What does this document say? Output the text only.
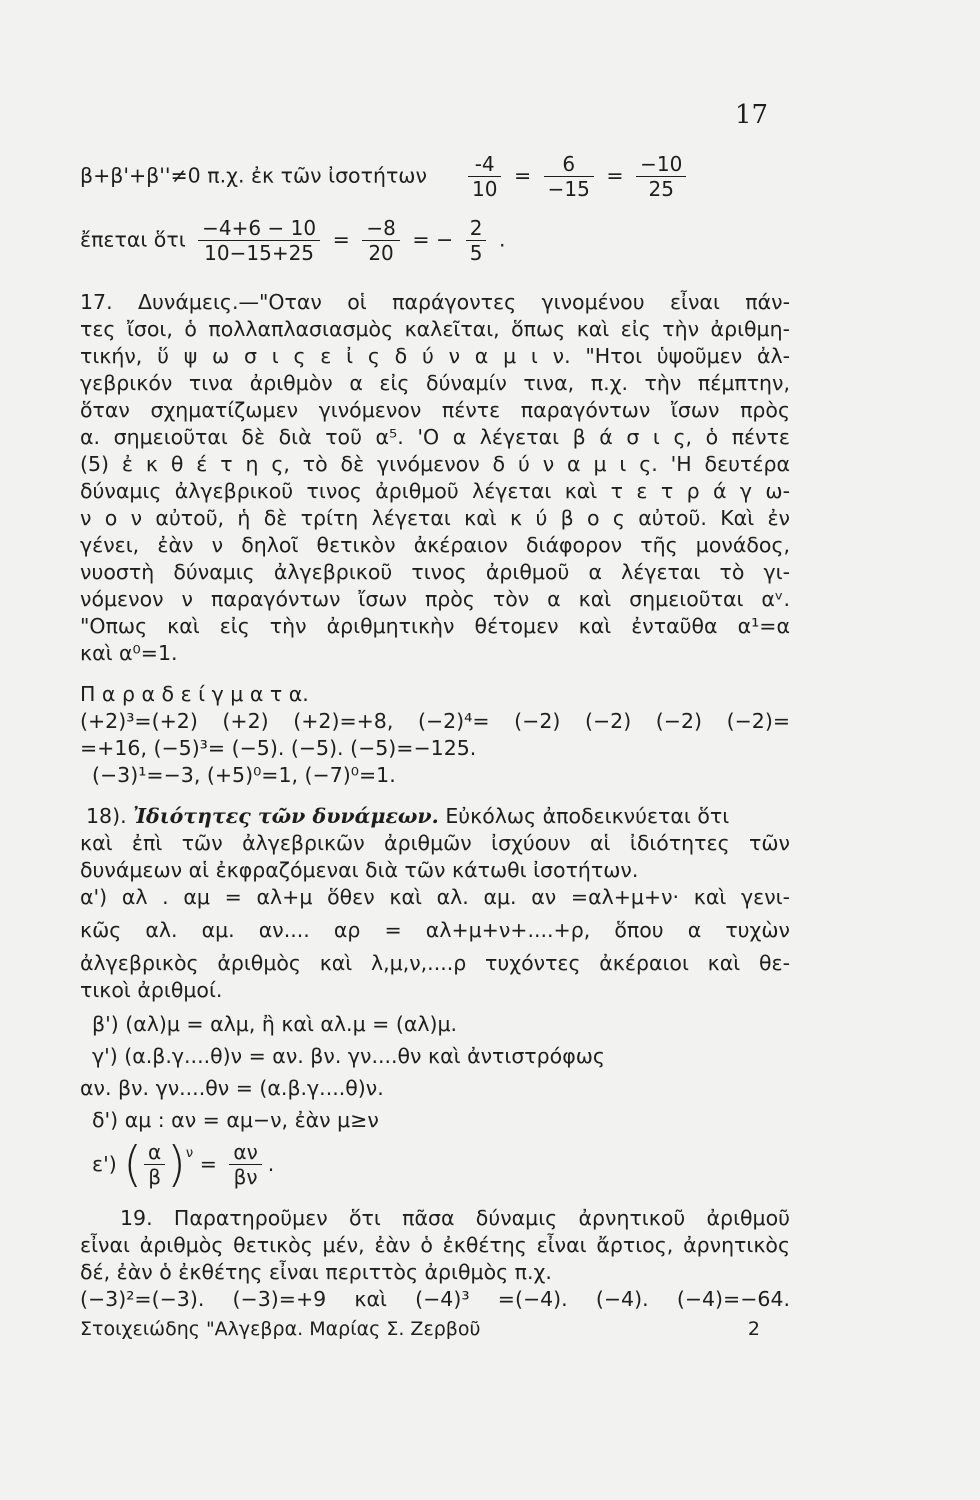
17
β+β'+β''≠0 π.χ. ἐκ τῶν ἰσοτήτων $\frac{-4}{10} = \frac{6}{-15} = \frac{-10}{25}$
ἔπεται ὅτι $\frac{-4+6 - 10}{10-15+25} = \frac{-8}{20}$ = − $\frac{2}{5}$ .
17. Δυνάμεις.—"Οταν οἱ παράγοντες γινομένου εἶναι πάν-
τες ἴσοι, ὁ πολλαπλασιασμὸς καλεῖται, ὅπως καὶ εἰς τὴν ἀριθμη-
τικήν, ὕ ψ ω σ ι ς ε ἰ ς δ ύ ν α μ ι ν. "Ητοι ὑψοῦμεν ἀλ-
γεβρικόν τινα ἀριθμὸν α εἰς δύναμίν τινα, π.χ. τὴν πέμπτην,
ὅταν σχηματίζωμεν γινόμενον πέντε παραγόντων ἴσων πρὸς
α. σημειοῦται δὲ διὰ τοῦ α⁵. 'Ο α λέγεται β ά σ ι ς, ὁ πέντε
(5) ἐ κ θ έ τ η ς, τὸ δὲ γινόμενον δ ύ ν α μ ι ς. 'Η δευτέρα
δύναμις ἀλγεβρικοῦ τινος ἀριθμοῦ λέγεται καὶ τ ε τ ρ ά γ ω-
ν ο ν αὐτοῦ, ἡ δὲ τρίτη λέγεται καὶ κ ύ β ο ς αὐτοῦ. Καὶ ἐν
γένει, ἐὰν ν δηλοῖ θετικὸν ἀκέραιον διάφορον τῆς μονάδος,
νυοστὴ δύναμις ἀλγεβρικοῦ τινος ἀριθμοῦ α λέγεται τὸ γι-
νόμενον ν παραγόντων ἴσων πρὸς τὸν α καὶ σημειοῦται αᵛ.
"Οπως καὶ εἰς τὴν ἀριθμητικὴν θέτομεν καὶ ἐνταῦθα α¹=α
καὶ α⁰=1.
Π α ρ α δ ε ί γ μ α τ α.
(+2)³=(+2) (+2) (+2)=+8, (−2)⁴= (−2) (−2) (−2) (−2)=
=+16, (−5)³= (−5). (−5). (−5)=−125.
(−3)¹=−3, (+5)⁰=1, (−7)⁰=1.
18). Ἰδιότητες τῶν δυνάμεων. Εὐκόλως ἀποδεικνύεται ὅτι
καὶ ἐπὶ τῶν ἀλγεβρικῶν ἀριθμῶν ἰσχύουν αἱ ἰδιότητες τῶν
δυνάμεων αἱ ἐκφραζόμεναι διὰ τῶν κάτωθι ἰσοτήτων.
α') αλ . αμ = αλ+μ ὅθεν καὶ αλ. αμ. αν =αλ+μ+ν· καὶ γενι-
κῶς αλ. αμ. αν.... αρ = αλ+μ+ν+....+ρ, ὅπου α τυχὼν
ἀλγεβρικὸς ἀριθμὸς καὶ λ,μ,ν,....ρ τυχόντες ἀκέραιοι καὶ θε-
τικοὶ ἀριθμοί.
β') (αλ)μ = αλμ, ἢ καὶ αλ.μ = (αλ)μ.
γ') (α.β.γ....θ)ν = αν. βν. γν....θν καὶ ἀντιστρόφως
αν. βν. γν....θν = (α.β.γ....θ)ν.
δ') αμ : αν = αμ−ν, ἐὰν μ≥ν
ε') ( $\frac{\alpha}{\beta} )^\nu = \frac{\alpha\nu}{\beta\nu}$ .
19. Παρατηροῦμεν ὅτι πᾶσα δύναμις ἀρνητικοῦ ἀριθμοῦ
εἶναι ἀριθμὸς θετικὸς μέν, ἐὰν ὁ ἐκθέτης εἶναι ἄρτιος, ἀρνητικὸς
δέ, ἐὰν ὁ ἐκθέτης εἶναι περιττὸς ἀριθμὸς π.χ.
(−3)²=(−3). (−3)=+9 καὶ (−4)³ =(−4). (−4). (−4)=−64.
Στοιχειώδης "Αλγεβρα. Μαρίας Σ. Ζερβοῦ	2
